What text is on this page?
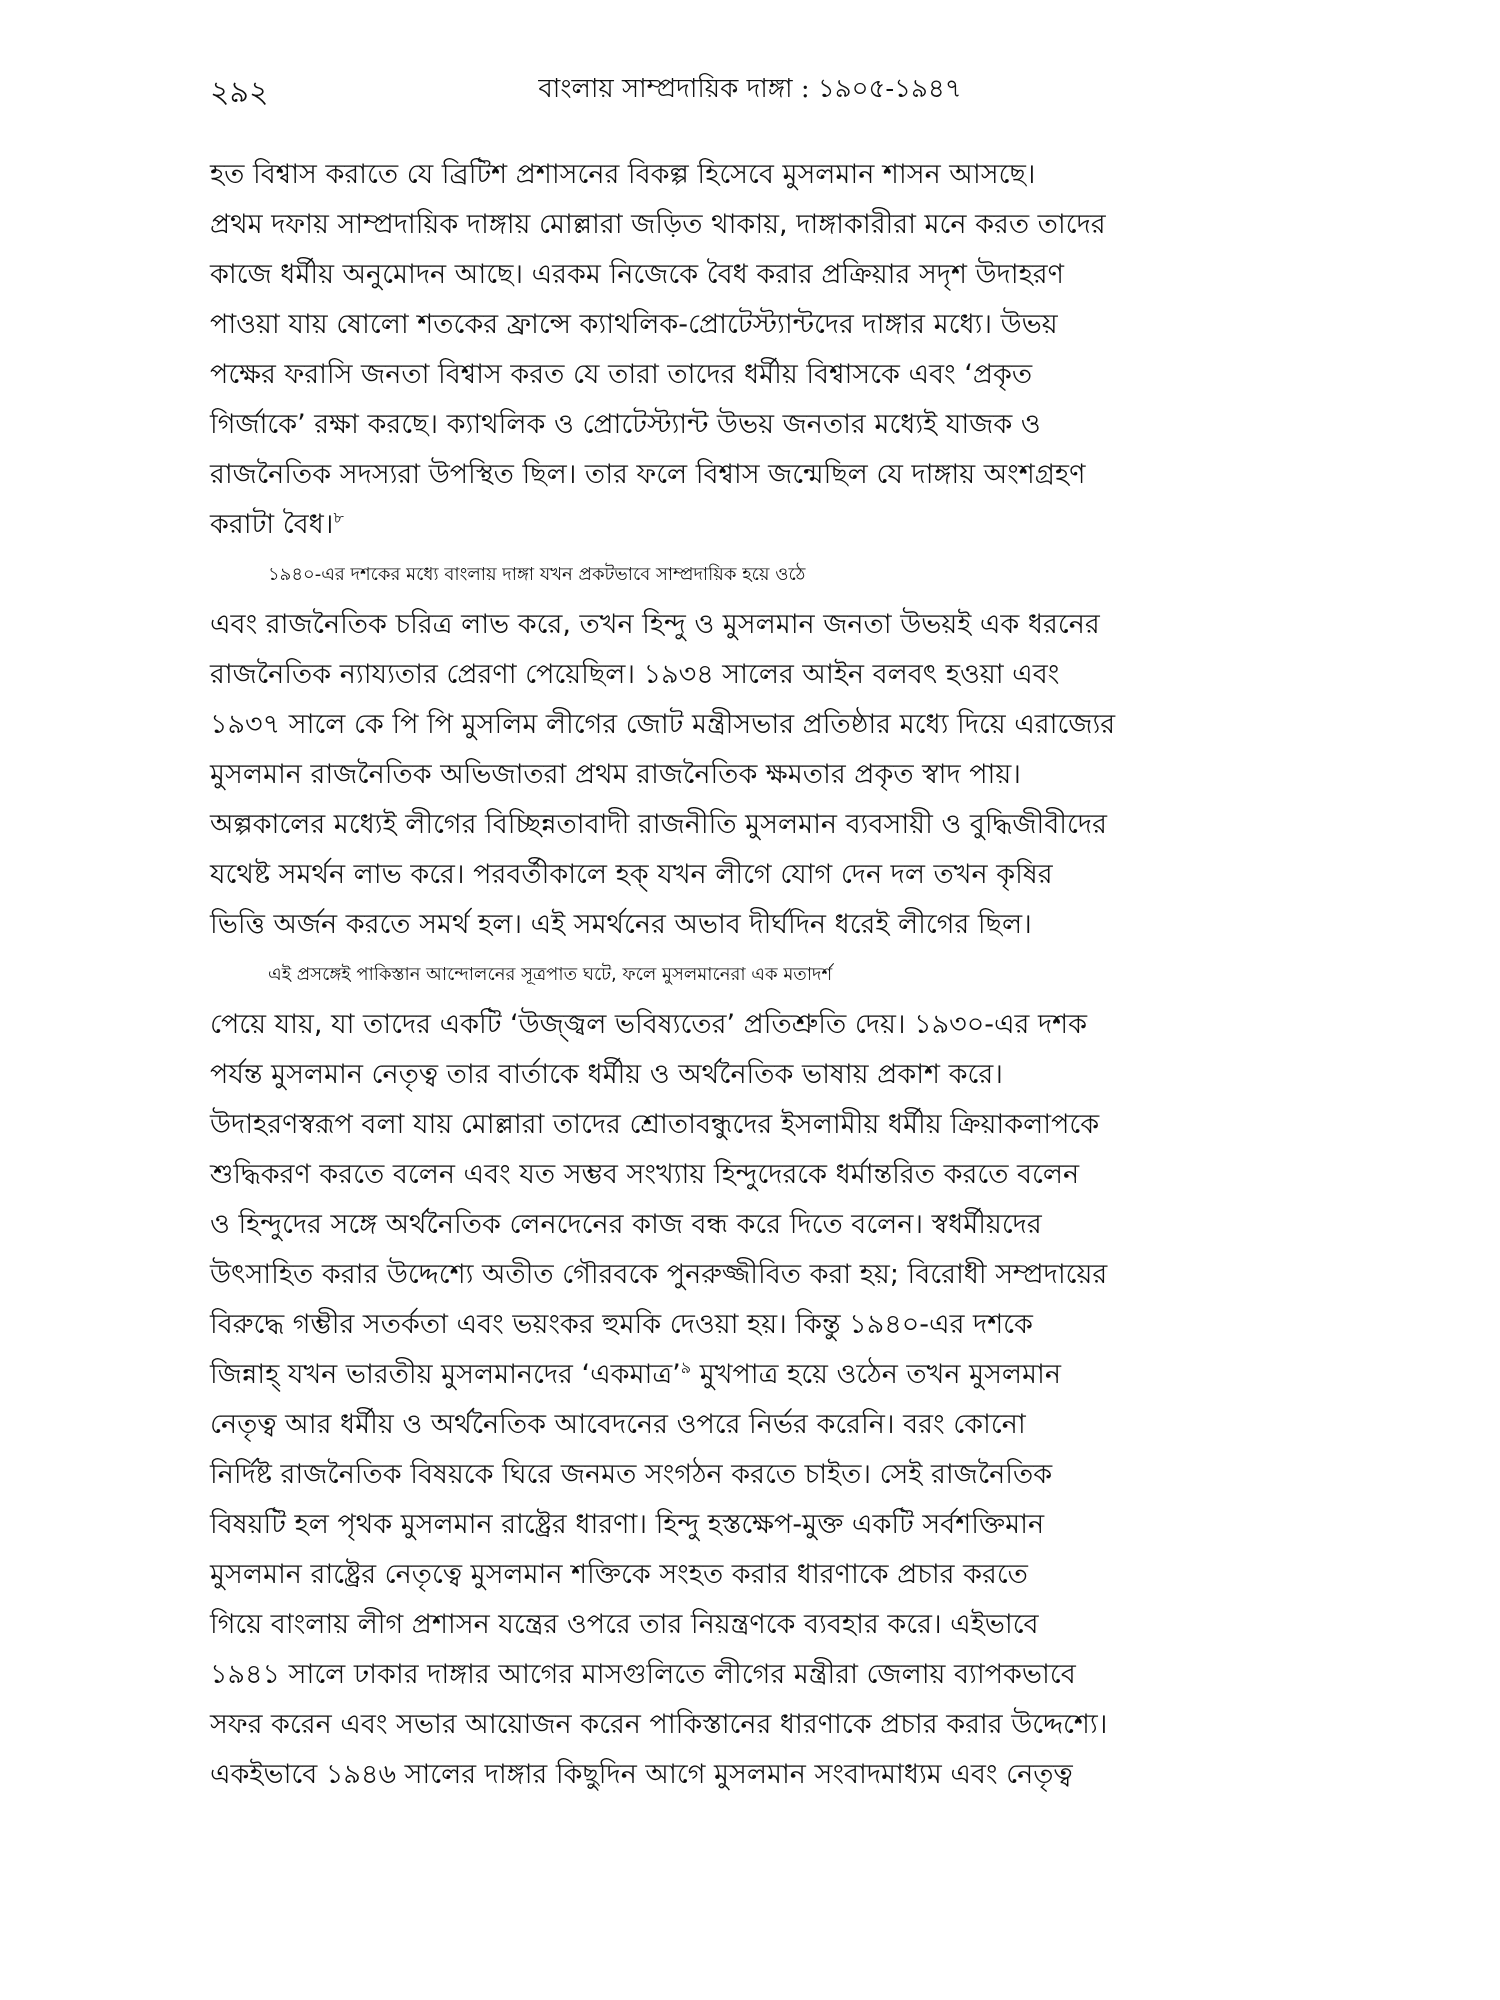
২৯২	বাংলায় সাম্প্রদায়িক দাঙ্গা : ১৯০৫-১৯৪৭

হত বিশ্বাস করাতে যে ব্রিটিশ প্রশাসনের বিকল্প হিসেবে মুসলমান শাসন আসছে।
প্রথম দফায় সাম্প্রদায়িক দাঙ্গায় মোল্লারা জড়িত থাকায়, দাঙ্গাকারীরা মনে করত তাদের
কাজে ধর্মীয় অনুমোদন আছে। এরকম নিজেকে বৈধ করার প্রক্রিয়ার সদৃশ উদাহরণ
পাওয়া যায় ষোলো শতকের ফ্রান্সে ক্যাথলিক-প্রোটেস্ট্যান্টদের দাঙ্গার মধ্যে। উভয়
পক্ষের ফরাসি জনতা বিশ্বাস করত যে তারা তাদের ধর্মীয় বিশ্বাসকে এবং ‘প্রকৃত
গির্জাকে’ রক্ষা করছে। ক্যাথলিক ও প্রোটেস্ট্যান্ট উভয় জনতার মধ্যেই যাজক ও
রাজনৈতিক সদস্যরা উপস্থিত ছিল। তার ফলে বিশ্বাস জন্মেছিল যে দাঙ্গায় অংশগ্রহণ
করাটা বৈধ।$^৮$

১৯৪০-এর দশকের মধ্যে বাংলায় দাঙ্গা যখন প্রকটভাবে সাম্প্রদায়িক হয়ে ওঠে
এবং রাজনৈতিক চরিত্র লাভ করে, তখন হিন্দু ও মুসলমান জনতা উভয়ই এক ধরনের
রাজনৈতিক ন্যায্যতার প্রেরণা পেয়েছিল। ১৯৩৪ সালের আইন বলবৎ হওয়া এবং
১৯৩৭ সালে কে পি পি মুসলিম লীগের জোট মন্ত্রীসভার প্রতিষ্ঠার মধ্যে দিয়ে এরাজ্যের
মুসলমান রাজনৈতিক অভিজাতরা প্রথম রাজনৈতিক ক্ষমতার প্রকৃত স্বাদ পায়।
অল্পকালের মধ্যেই লীগের বিচ্ছিন্নতাবাদী রাজনীতি মুসলমান ব্যবসায়ী ও বুদ্ধিজীবীদের
যথেষ্ট সমর্থন লাভ করে। পরবর্তীকালে হক্ যখন লীগে যোগ দেন দল তখন কৃষির
ভিত্তি অর্জন করতে সমর্থ হল। এই সমর্থনের অভাব দীর্ঘদিন ধরেই লীগের ছিল।

এই প্রসঙ্গেই পাকিস্তান আন্দোলনের সূত্রপাত ঘটে, ফলে মুসলমানেরা এক মতাদর্শ
পেয়ে যায়, যা তাদের একটি ‘উজ্জ্বল ভবিষ্যতের’ প্রতিশ্রুতি দেয়। ১৯৩০-এর দশক
পর্যন্ত মুসলমান নেতৃত্ব তার বার্তাকে ধর্মীয় ও অর্থনৈতিক ভাষায় প্রকাশ করে।
উদাহরণস্বরূপ বলা যায় মোল্লারা তাদের শ্রোতাবন্ধুদের ইসলামীয় ধর্মীয় ক্রিয়াকলাপকে
শুদ্ধিকরণ করতে বলেন এবং যত সম্ভব সংখ্যায় হিন্দুদেরকে ধর্মান্তরিত করতে বলেন
ও হিন্দুদের সঙ্গে অর্থনৈতিক লেনদেনের কাজ বন্ধ করে দিতে বলেন। স্বধর্মীয়দের
উৎসাহিত করার উদ্দেশ্যে অতীত গৌরবকে পুনরুজ্জীবিত করা হয়; বিরোধী সম্প্রদায়ের
বিরুদ্ধে গম্ভীর সতর্কতা এবং ভয়ংকর হুমকি দেওয়া হয়। কিন্তু ১৯৪০-এর দশকে
জিন্নাহ্ যখন ভারতীয় মুসলমানদের ‘একমাত্র’$^৯$ মুখপাত্র হয়ে ওঠেন তখন মুসলমান
নেতৃত্ব আর ধর্মীয় ও অর্থনৈতিক আবেদনের ওপরে নির্ভর করেনি। বরং কোনো
নির্দিষ্ট রাজনৈতিক বিষয়কে ঘিরে জনমত সংগঠন করতে চাইত। সেই রাজনৈতিক
বিষয়টি হল পৃথক মুসলমান রাষ্ট্রের ধারণা। হিন্দু হস্তক্ষেপ-মুক্ত একটি সর্বশক্তিমান
মুসলমান রাষ্ট্রের নেতৃত্বে মুসলমান শক্তিকে সংহত করার ধারণাকে প্রচার করতে
গিয়ে বাংলায় লীগ প্রশাসন যন্ত্রের ওপরে তার নিয়ন্ত্রণকে ব্যবহার করে। এইভাবে
১৯৪১ সালে ঢাকার দাঙ্গার আগের মাসগুলিতে লীগের মন্ত্রীরা জেলায় ব্যাপকভাবে
সফর করেন এবং সভার আয়োজন করেন পাকিস্তানের ধারণাকে প্রচার করার উদ্দেশ্যে।
একইভাবে ১৯৪৬ সালের দাঙ্গার কিছুদিন আগে মুসলমান সংবাদমাধ্যম এবং নেতৃত্ব
